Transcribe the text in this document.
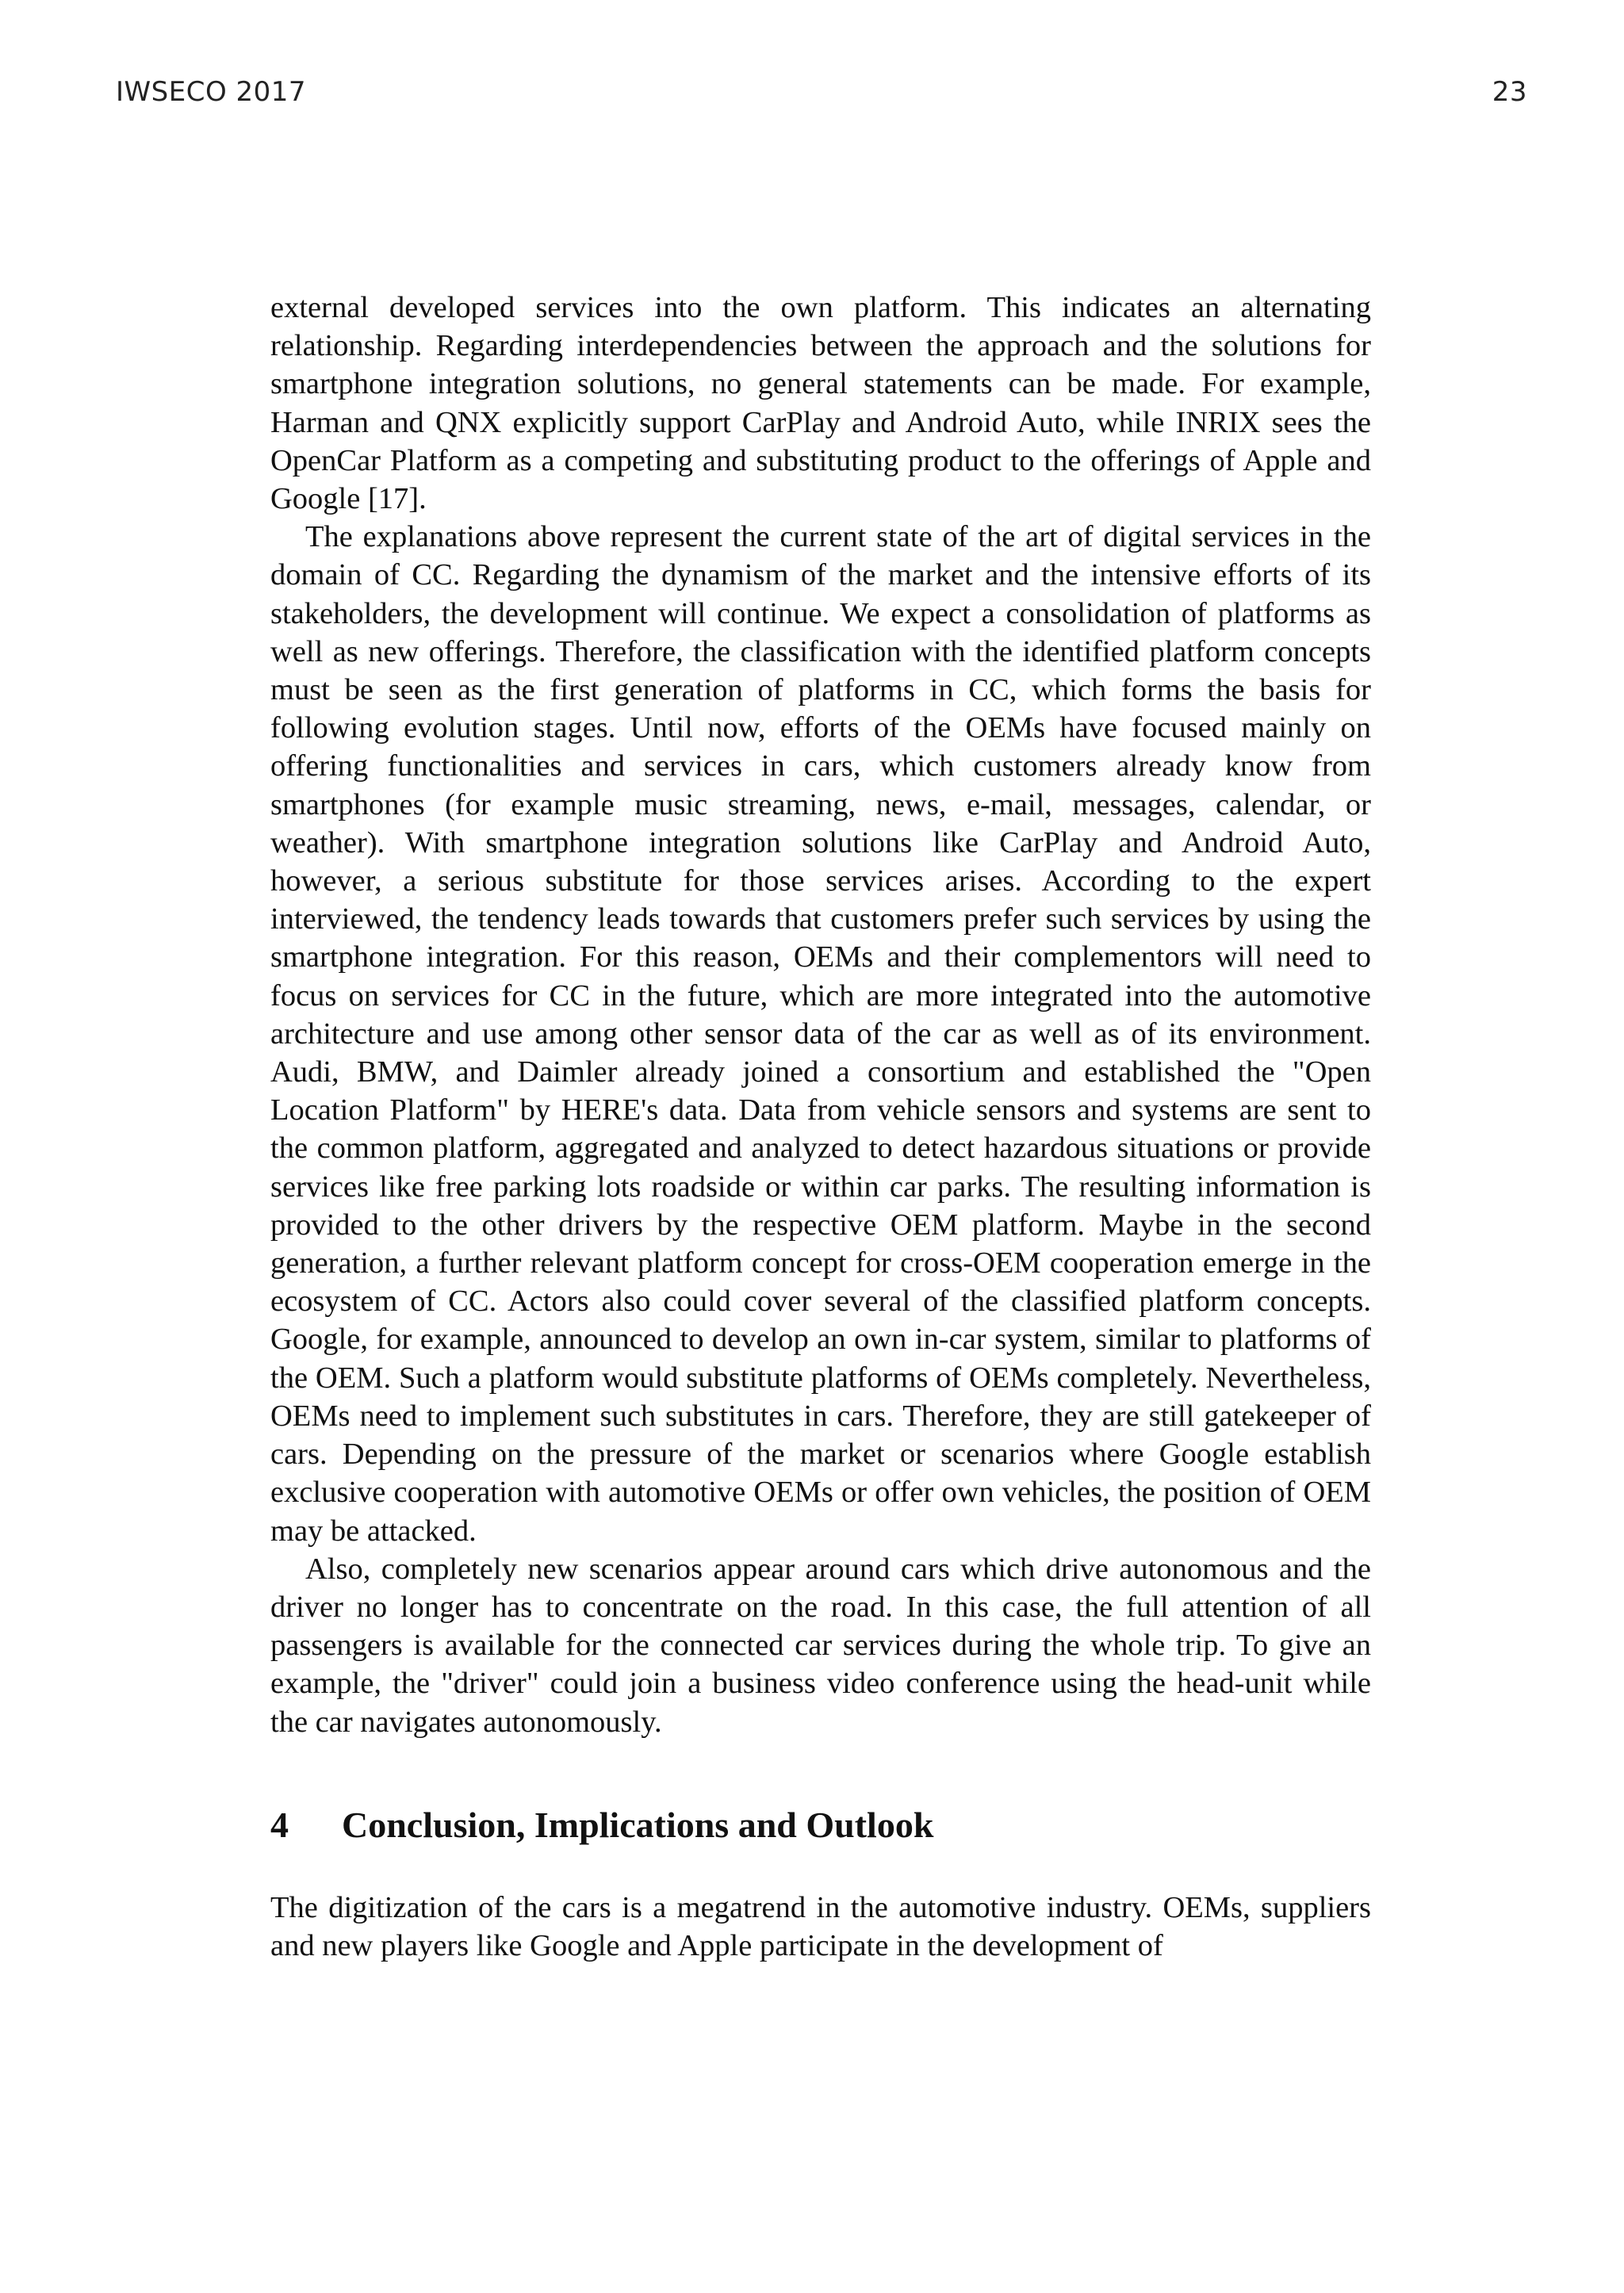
IWSECO 2017	23

external developed services into the own platform. This indicates an alternating relationship. Regarding interdependencies between the approach and the solutions for smartphone integration solutions, no general statements can be made. For example, Harman and QNX explicitly support CarPlay and Android Auto, while INRIX sees the OpenCar Platform as a competing and substituting product to the offerings of Apple and Google [17].

The explanations above represent the current state of the art of digital services in the domain of CC. Regarding the dynamism of the market and the intensive efforts of its stakeholders, the development will continue. We expect a consolidation of platforms as well as new offerings. Therefore, the classification with the identified platform concepts must be seen as the first generation of platforms in CC, which forms the basis for following evolution stages. Until now, efforts of the OEMs have focused mainly on offering functionalities and services in cars, which customers already know from smartphones (for example music streaming, news, e-mail, messages, calendar, or weather). With smartphone integration solutions like CarPlay and Android Auto, however, a serious substitute for those services arises. According to the expert interviewed, the tendency leads towards that customers prefer such services by using the smartphone integration. For this reason, OEMs and their complementors will need to focus on services for CC in the future, which are more integrated into the automotive architecture and use among other sensor data of the car as well as of its environment. Audi, BMW, and Daimler already joined a consortium and established the "Open Location Platform" by HERE's data. Data from vehicle sensors and systems are sent to the common platform, aggregated and analyzed to detect hazardous situations or provide services like free parking lots roadside or within car parks. The resulting information is provided to the other drivers by the respective OEM platform. Maybe in the second generation, a further relevant platform concept for cross-OEM cooperation emerge in the ecosystem of CC. Actors also could cover several of the classified platform concepts. Google, for example, announced to develop an own in-car system, similar to platforms of the OEM. Such a platform would substitute platforms of OEMs completely. Nevertheless, OEMs need to implement such substitutes in cars. Therefore, they are still gatekeeper of cars. Depending on the pressure of the market or scenarios where Google establish exclusive cooperation with automotive OEMs or offer own vehicles, the position of OEM may be attacked.

Also, completely new scenarios appear around cars which drive autonomous and the driver no longer has to concentrate on the road. In this case, the full attention of all passengers is available for the connected car services during the whole trip. To give an example, the "driver" could join a business video conference using the head-unit while the car navigates autonomously.

4	Conclusion, Implications and Outlook

The digitization of the cars is a megatrend in the automotive industry. OEMs, suppliers and new players like Google and Apple participate in the development of
